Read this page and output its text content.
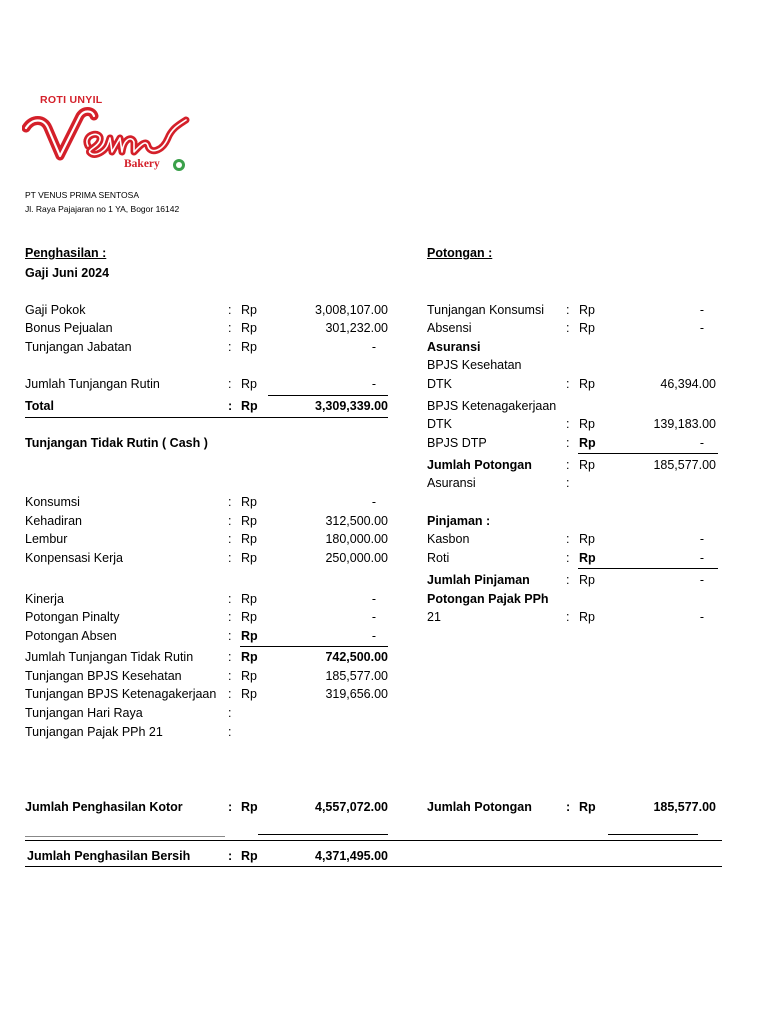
ROTI UNYIL
Bakery
PT VENUS PRIMA SENTOSA
Jl. Raya Pajajaran no 1 YA, Bogor 16142
Penghasilan :
Gaji Juni 2024
Potongan :
Gaji Pokok	: Rp	3,008,107.00
Bonus Pejualan	: Rp	301,232.00
Tunjangan Jabatan	: Rp	-
Jumlah Tunjangan Rutin	: Rp	-
Total	: Rp	3,309,339.00
Tunjangan Tidak Rutin ( Cash )
Konsumsi	: Rp	-
Kehadiran	: Rp	312,500.00
Lembur	: Rp	180,000.00
Konpensasi Kerja	: Rp	250,000.00
Kinerja	: Rp	-
Potongan Pinalty	: Rp	-
Potongan Absen	: Rp	-
Jumlah Tunjangan Tidak Rutin	: Rp	742,500.00
Tunjangan BPJS Kesehatan	: Rp	185,577.00
Tunjangan BPJS Ketenagakerjaan : Rp	319,656.00
Tunjangan Hari Raya	:
Tunjangan Pajak PPh 21	:
Jumlah Penghasilan Kotor	: Rp	4,557,072.00
Jumlah Penghasilan Bersih	: Rp	4,371,495.00
Tunjangan Konsumsi : Rp	-
Absensi	: Rp	-
Asuransi
BPJS Kesehatan
DTK	: Rp	46,394.00
BPJS Ketenagakerjaan
DTK	: Rp	139,183.00
BPJS DTP	: Rp	-
Jumlah Potongan	: Rp	185,577.00
Asuransi	:
Pinjaman :
Kasbon	: Rp	-
Roti	: Rp	-
Jumlah Pinjaman	: Rp	-
Potongan Pajak PPh
21	: Rp	-
Jumlah Potongan	: Rp	185,577.00
